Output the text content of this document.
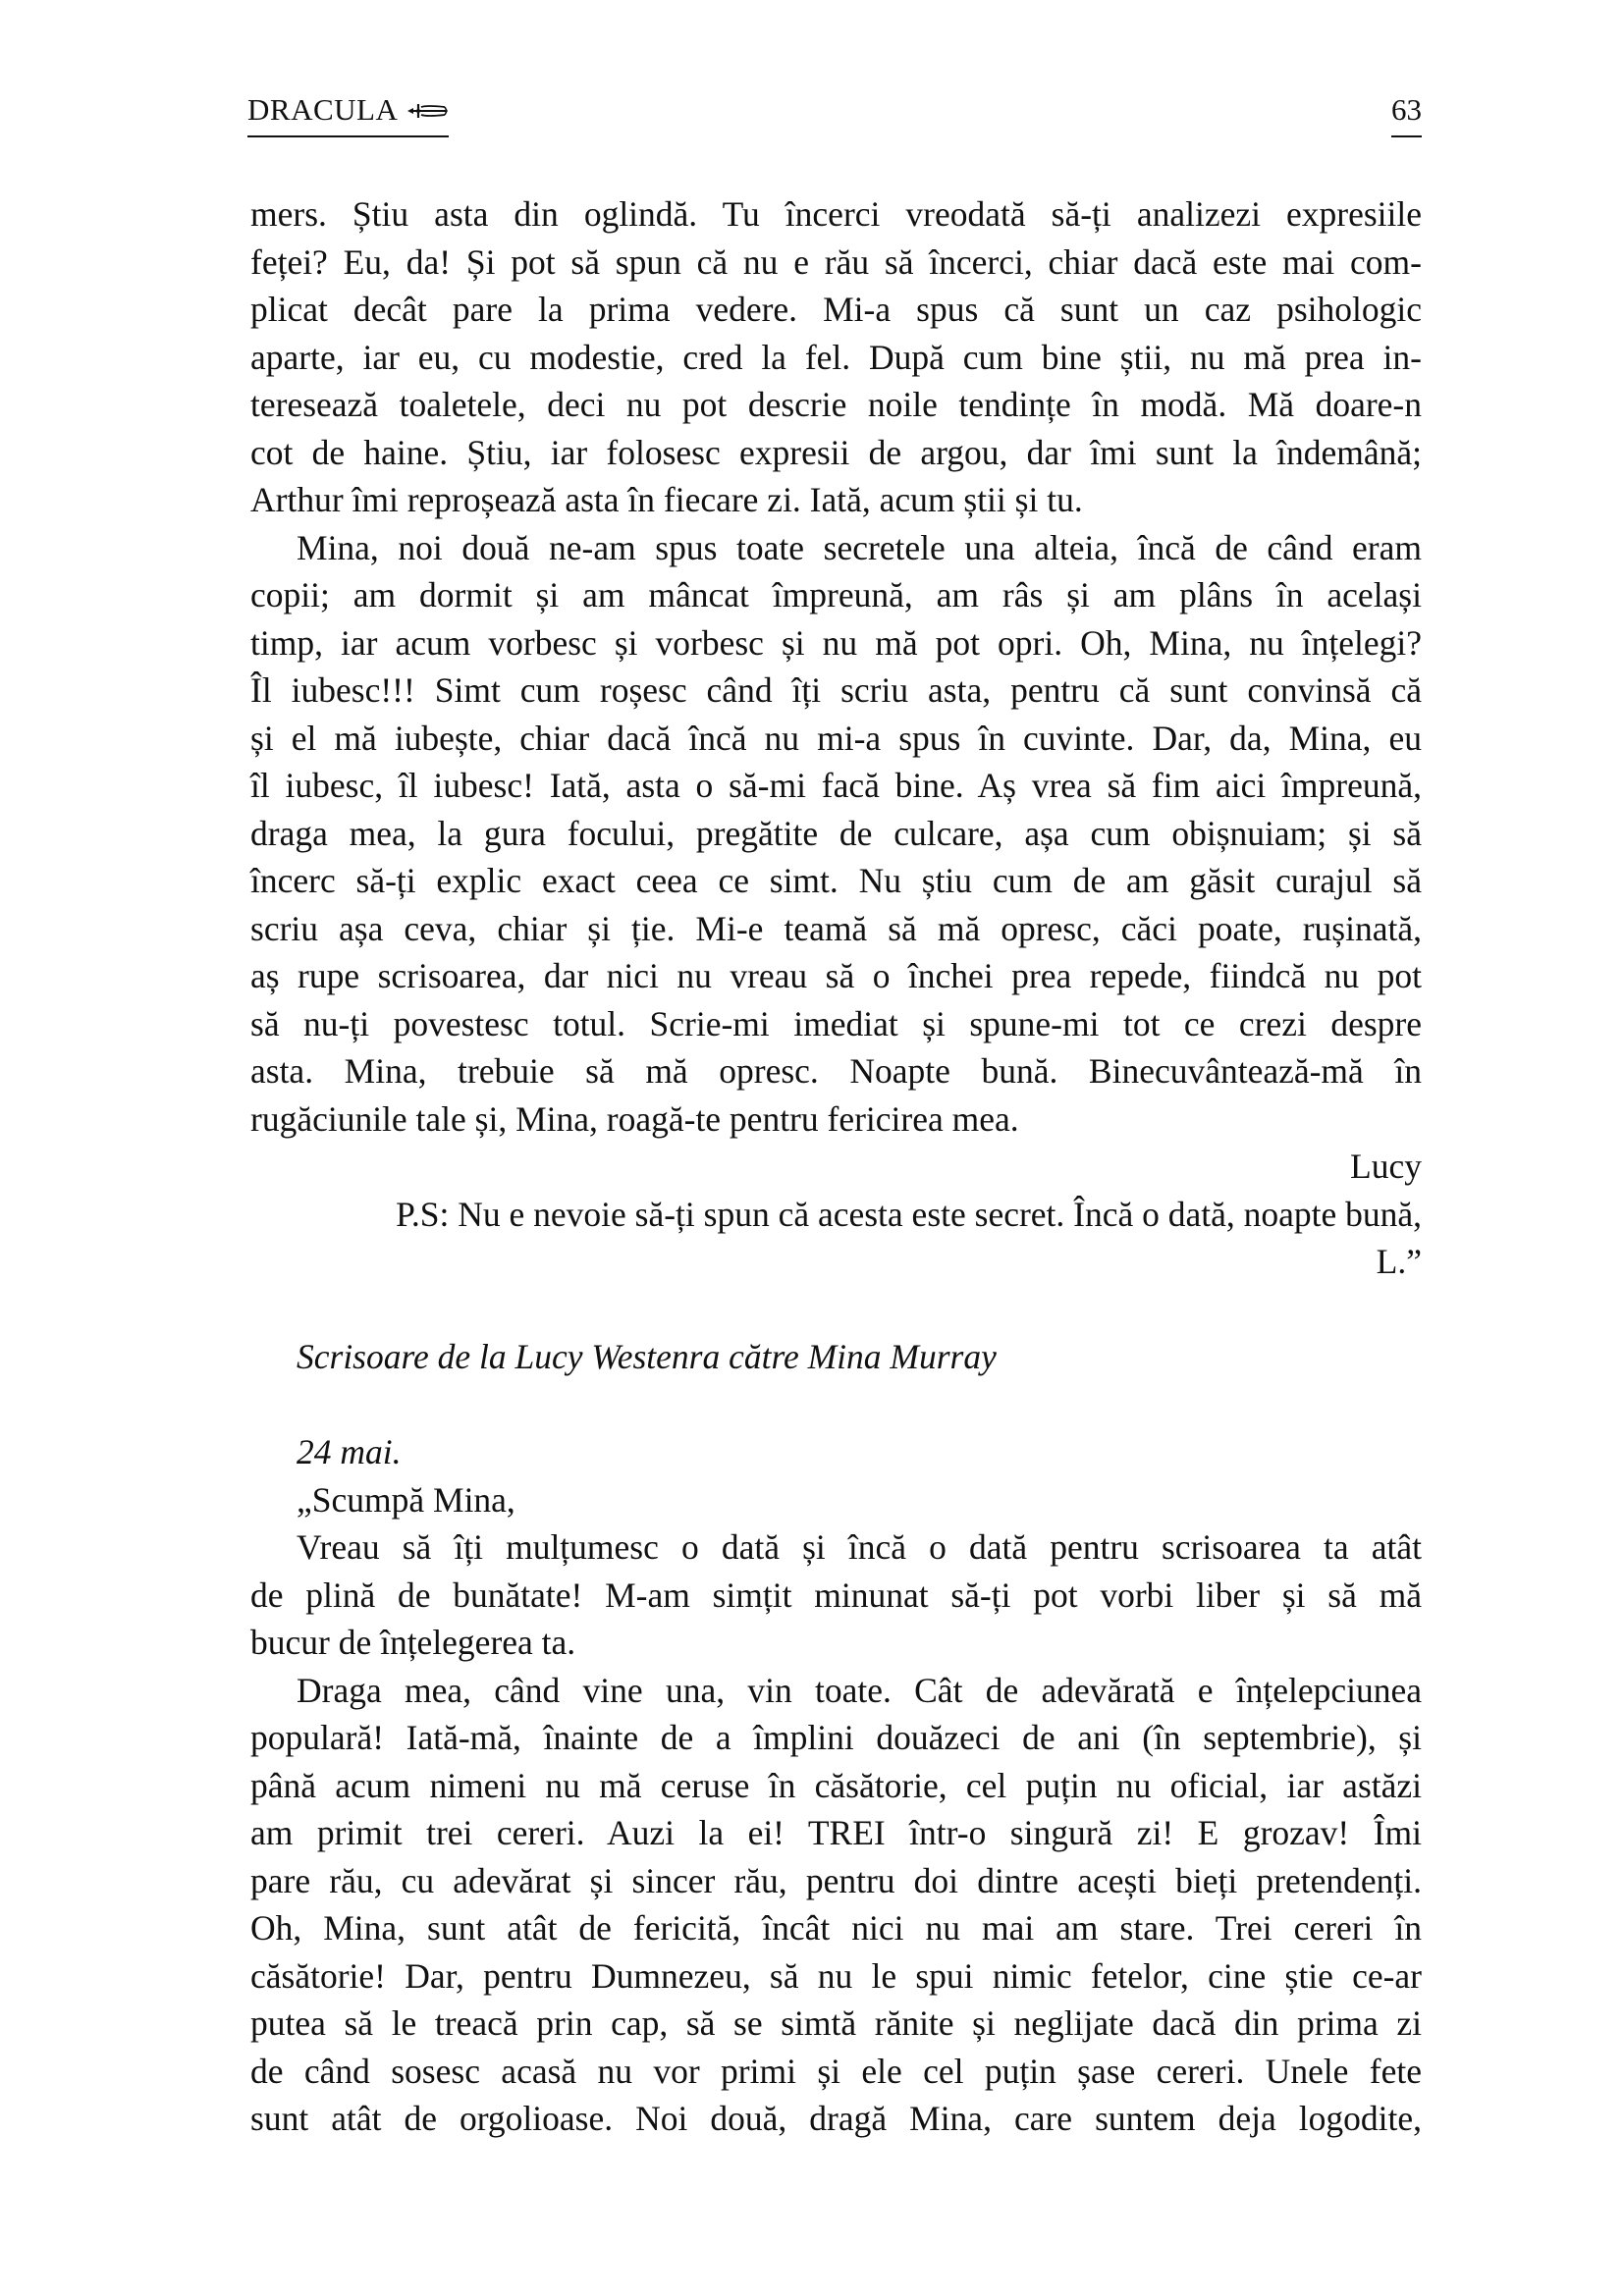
DRACULA	63

mers. Știu asta din oglindă. Tu încerci vreodată să-ți analizezi expresiile
feței? Eu, da! Și pot să spun că nu e rău să încerci, chiar dacă este mai com-
plicat decât pare la prima vedere. Mi-a spus că sunt un caz psihologic
aparte, iar eu, cu modestie, cred la fel. După cum bine știi, nu mă prea in-
teresează toaletele, deci nu pot descrie noile tendințe în modă. Mă doare-n
cot de haine. Știu, iar folosesc expresii de argou, dar îmi sunt la îndemână;
Arthur îmi reproșează asta în fiecare zi. Iată, acum știi și tu.

Mina, noi două ne-am spus toate secretele una alteia, încă de când eram
copii; am dormit și am mâncat împreună, am râs și am plâns în același
timp, iar acum vorbesc și vorbesc și nu mă pot opri. Oh, Mina, nu înțelegi?
Îl iubesc!!! Simt cum roșesc când îți scriu asta, pentru că sunt convinsă că
și el mă iubește, chiar dacă încă nu mi-a spus în cuvinte. Dar, da, Mina, eu
îl iubesc, îl iubesc! Iată, asta o să-mi facă bine. Aș vrea să fim aici împreună,
draga mea, la gura focului, pregătite de culcare, așa cum obișnuiam; și să
încerc să-ți explic exact ceea ce simt. Nu știu cum de am găsit curajul să
scriu așa ceva, chiar și ție. Mi-e teamă să mă opresc, căci poate, rușinată,
aș rupe scrisoarea, dar nici nu vreau să o închei prea repede, fiindcă nu pot
să nu-ți povestesc totul. Scrie-mi imediat și spune-mi tot ce crezi despre
asta. Mina, trebuie să mă opresc. Noapte bună. Binecuvântează-mă în
rugăciunile tale și, Mina, roagă-te pentru fericirea mea.

Lucy

P.S: Nu e nevoie să-ți spun că acesta este secret. Încă o dată, noapte bună,

L.”

Scrisoare de la Lucy Westenra către Mina Murray

24 mai.

„Scumpă Mina,

Vreau să îți mulțumesc o dată și încă o dată pentru scrisoarea ta atât
de plină de bunătate! M-am simțit minunat să-ți pot vorbi liber și să mă
bucur de înțelegerea ta.

Draga mea, când vine una, vin toate. Cât de adevărată e înțelepciunea
populară! Iată-mă, înainte de a împlini douăzeci de ani (în septembrie), și
până acum nimeni nu mă ceruse în căsătorie, cel puțin nu oficial, iar astăzi
am primit trei cereri. Auzi la ei! TREI într-o singură zi! E grozav! Îmi
pare rău, cu adevărat și sincer rău, pentru doi dintre acești bieți pretendenți.
Oh, Mina, sunt atât de fericită, încât nici nu mai am stare. Trei cereri în
căsătorie! Dar, pentru Dumnezeu, să nu le spui nimic fetelor, cine știe ce-ar
putea să le treacă prin cap, să se simtă rănite și neglijate dacă din prima zi
de când sosesc acasă nu vor primi și ele cel puțin șase cereri. Unele fete
sunt atât de orgolioase. Noi două, dragă Mina, care suntem deja logodite,
